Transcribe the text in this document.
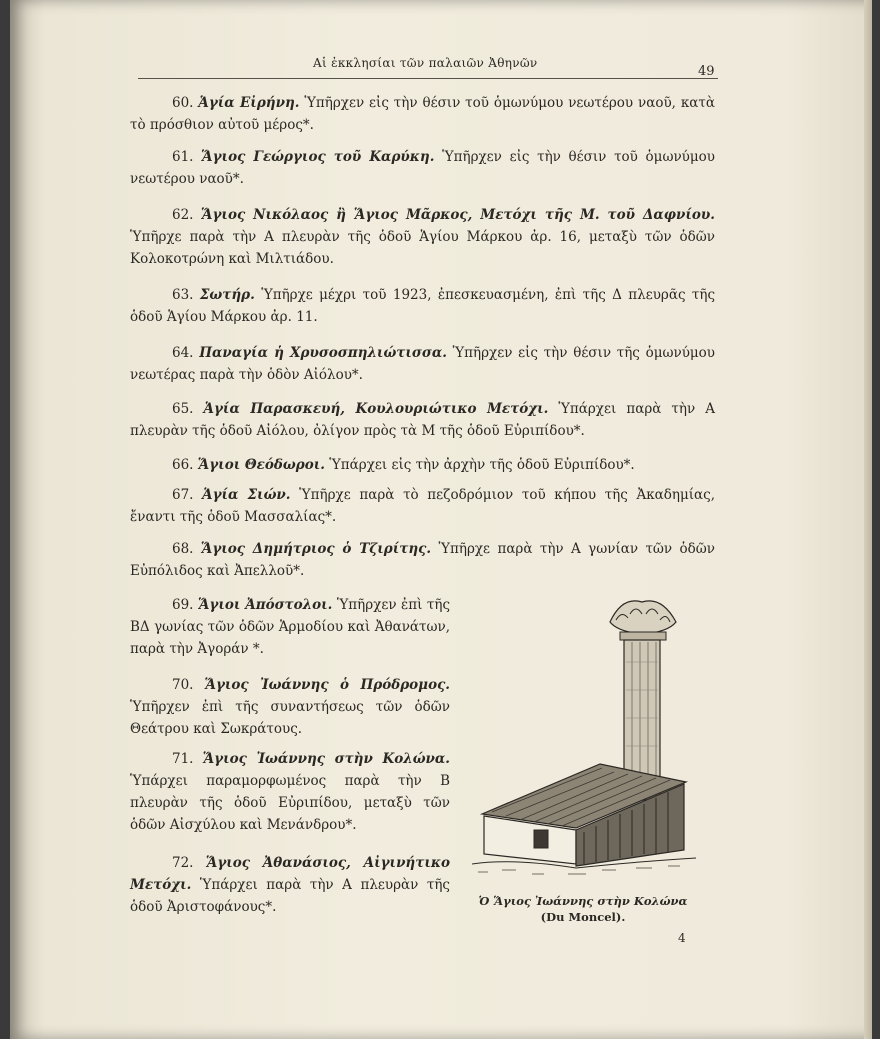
Αἱ ἐκκλησίαι τῶν παλαιῶν Ἀθηνῶν
49
60. Ἁγία Εἰρήνη. Ὑπῆρχεν εἰς τὴν θέσιν τοῦ ὁμωνύμου νεωτέρου ναοῦ, κατὰ τὸ πρόσθιον αὐτοῦ μέρος*.
61. Ἅγιος Γεώργιος τοῦ Καρύκη. Ὑπῆρχεν εἰς τὴν θέσιν τοῦ ὁμωνύμου νεωτέρου ναοῦ*.
62. Ἅγιος Νικόλαος ἢ Ἅγιος Μᾶρκος, Μετόχι τῆς Μ. τοῦ Δαφνίου. Ὑπῆρχε παρὰ τὴν Α πλευρὰν τῆς ὁδοῦ Ἁγίου Μάρκου ἀρ. 16, μεταξὺ τῶν ὁδῶν Κολοκοτρώνη καὶ Μιλτιάδου.
63. Σωτήρ. Ὑπῆρχε μέχρι τοῦ 1923, ἐπεσκευασμένη, ἐπὶ τῆς Δ πλευρᾶς τῆς ὁδοῦ Ἁγίου Μάρκου ἀρ. 11.
64. Παναγία ἡ Χρυσοσπηλιώτισσα. Ὑπῆρχεν εἰς τὴν θέσιν τῆς ὁμωνύμου νεωτέρας παρὰ τὴν ὁδὸν Αἰόλου*.
65. Ἁγία Παρασκευή, Κουλουριώτικο Μετόχι. Ὑπάρχει παρὰ τὴν Α πλευρὰν τῆς ὁδοῦ Αἰόλου, ὀλίγον πρὸς τὰ Μ τῆς ὁδοῦ Εὐριπίδου*.
66. Ἅγιοι Θεόδωροι. Ὑπάρχει εἰς τὴν ἀρχὴν τῆς ὁδοῦ Εὐριπίδου*.
67. Ἁγία Σιών. Ὑπῆρχε παρὰ τὸ πεζοδρόμιον τοῦ κήπου τῆς Ἀκαδημίας, ἔναντι τῆς ὁδοῦ Μασσαλίας*.
68. Ἅγιος Δημήτριος ὁ Τζιρίτης. Ὑπῆρχε παρὰ τὴν Α γωνίαν τῶν ὁδῶν Εὐπόλιδος καὶ Ἀπελλοῦ*.
69. Ἅγιοι Ἀπόστολοι. Ὑπῆρχεν ἐπὶ τῆς ΒΔ γωνίας τῶν ὁδῶν Ἁρμοδίου καὶ Ἀθανάτων, παρὰ τὴν Ἀγοράν *.
70. Ἅγιος Ἰωάννης ὁ Πρόδρομος. Ὑπῆρχεν ἐπὶ τῆς συναντήσεως τῶν ὁδῶν Θεάτρου καὶ Σωκράτους.
71. Ἅγιος Ἰωάννης στὴν Κολώνα. Ὑπάρχει παραμορφωμένος παρὰ τὴν Β πλευρὰν τῆς ὁδοῦ Εὐριπίδου, μεταξὺ τῶν ὁδῶν Αἰσχύλου καὶ Μενάνδρου*.
72. Ἅγιος Ἀθανάσιος, Αἰγινήτικο Μετόχι. Ὑπάρχει παρὰ τὴν Α πλευρὰν τῆς ὁδοῦ Ἀριστοφάνους*.	Ὁ Ἅγιος Ἰωάννης στὴν Κολώνα
(Du Moncel).
4
